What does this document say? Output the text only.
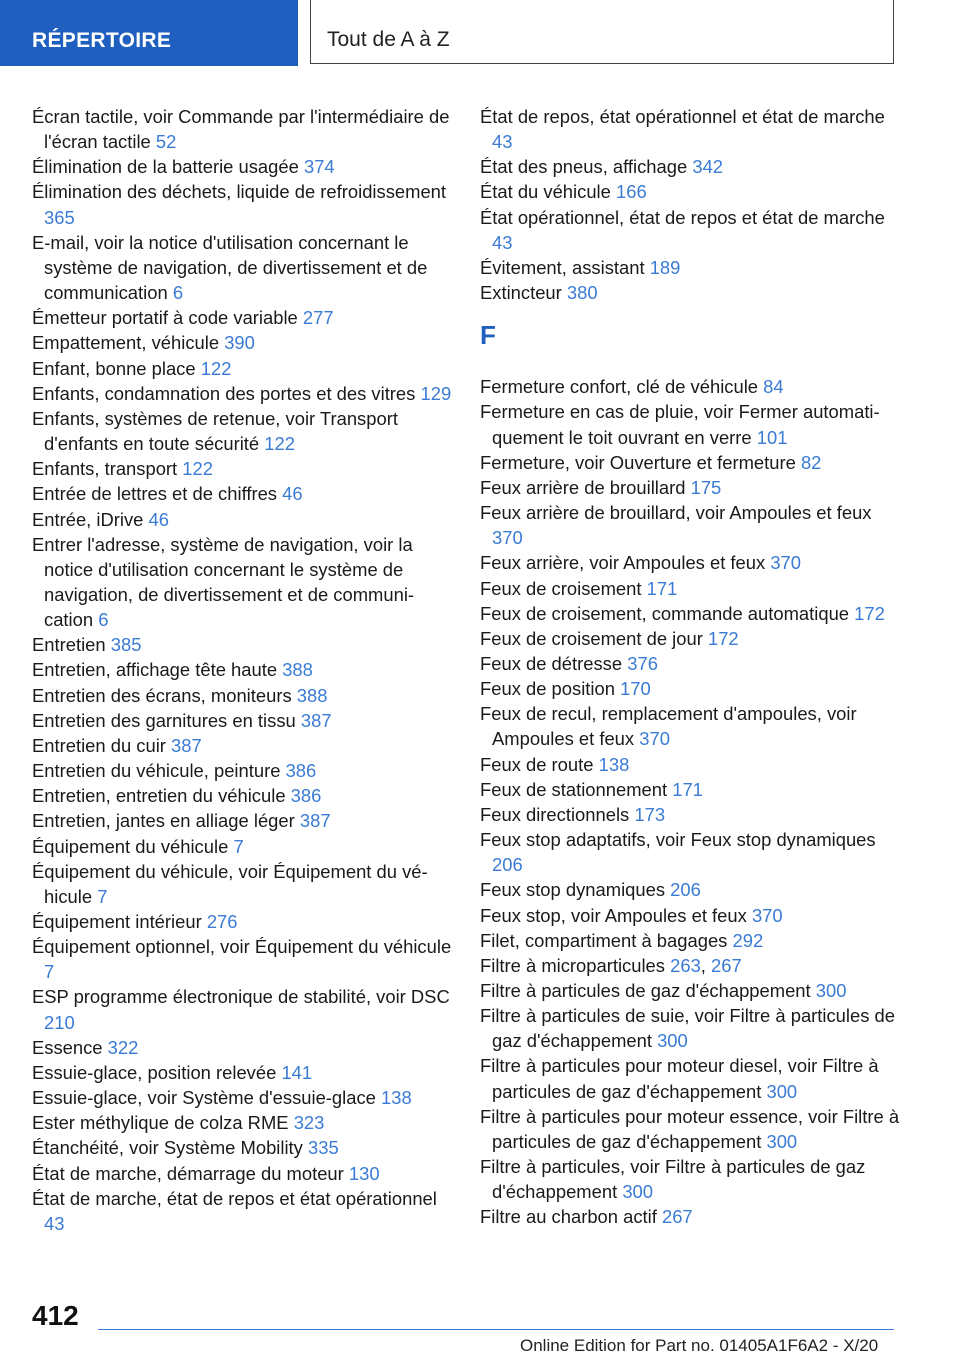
RÉPERTOIRE	Tout de A à Z
Écran tactile, voir Commande par l'intermédiaire de l'écran tactile 52
Élimination de la batterie usagée 374
Élimination des déchets, liquide de refroidissement 365
E-mail, voir la notice d'utilisation concernant le système de navigation, de divertissement et de communication 6
Émetteur portatif à code variable 277
Empattement, véhicule 390
Enfant, bonne place 122
Enfants, condamnation des portes et des vitres 129
Enfants, systèmes de retenue, voir Transport d'enfants en toute sécurité 122
Enfants, transport 122
Entrée de lettres et de chiffres 46
Entrée, iDrive 46
Entrer l'adresse, système de navigation, voir la notice d'utilisation concernant le système de navigation, de divertissement et de communication 6
Entretien 385
Entretien, affichage tête haute 388
Entretien des écrans, moniteurs 388
Entretien des garnitures en tissu 387
Entretien du cuir 387
Entretien du véhicule, peinture 386
Entretien, entretien du véhicule 386
Entretien, jantes en alliage léger 387
Équipement du véhicule 7
Équipement du véhicule, voir Équipement du véhicule 7
Équipement intérieur 276
Équipement optionnel, voir Équipement du véhicule 7
ESP programme électronique de stabilité, voir DSC 210
Essence 322
Essuie-glace, position relevée 141
Essuie-glace, voir Système d'essuie-glace 138
Ester méthylique de colza RME 323
Étanchéité, voir Système Mobility 335
État de marche, démarrage du moteur 130
État de marche, état de repos et état opérationnel 43
État de repos, état opérationnel et état de marche 43
État des pneus, affichage 342
État du véhicule 166
État opérationnel, état de repos et état de marche 43
Évitement, assistant 189
Extincteur 380
F
Fermeture confort, clé de véhicule 84
Fermeture en cas de pluie, voir Fermer automatiquement le toit ouvrant en verre 101
Fermeture, voir Ouverture et fermeture 82
Feux arrière de brouillard 175
Feux arrière de brouillard, voir Ampoules et feux 370
Feux arrière, voir Ampoules et feux 370
Feux de croisement 171
Feux de croisement, commande automatique 172
Feux de croisement de jour 172
Feux de détresse 376
Feux de position 170
Feux de recul, remplacement d'ampoules, voir Ampoules et feux 370
Feux de route 138
Feux de stationnement 171
Feux directionnels 173
Feux stop adaptatifs, voir Feux stop dynamiques 206
Feux stop dynamiques 206
Feux stop, voir Ampoules et feux 370
Filet, compartiment à bagages 292
Filtre à microparticules 263, 267
Filtre à particules de gaz d'échappement 300
Filtre à particules de suie, voir Filtre à particules de gaz d'échappement 300
Filtre à particules pour moteur diesel, voir Filtre à particules de gaz d'échappement 300
Filtre à particules pour moteur essence, voir Filtre à particules de gaz d'échappement 300
Filtre à particules, voir Filtre à particules de gaz d'échappement 300
Filtre au charbon actif 267
412
Online Edition for Part no. 01405A1F6A2 - X/20
